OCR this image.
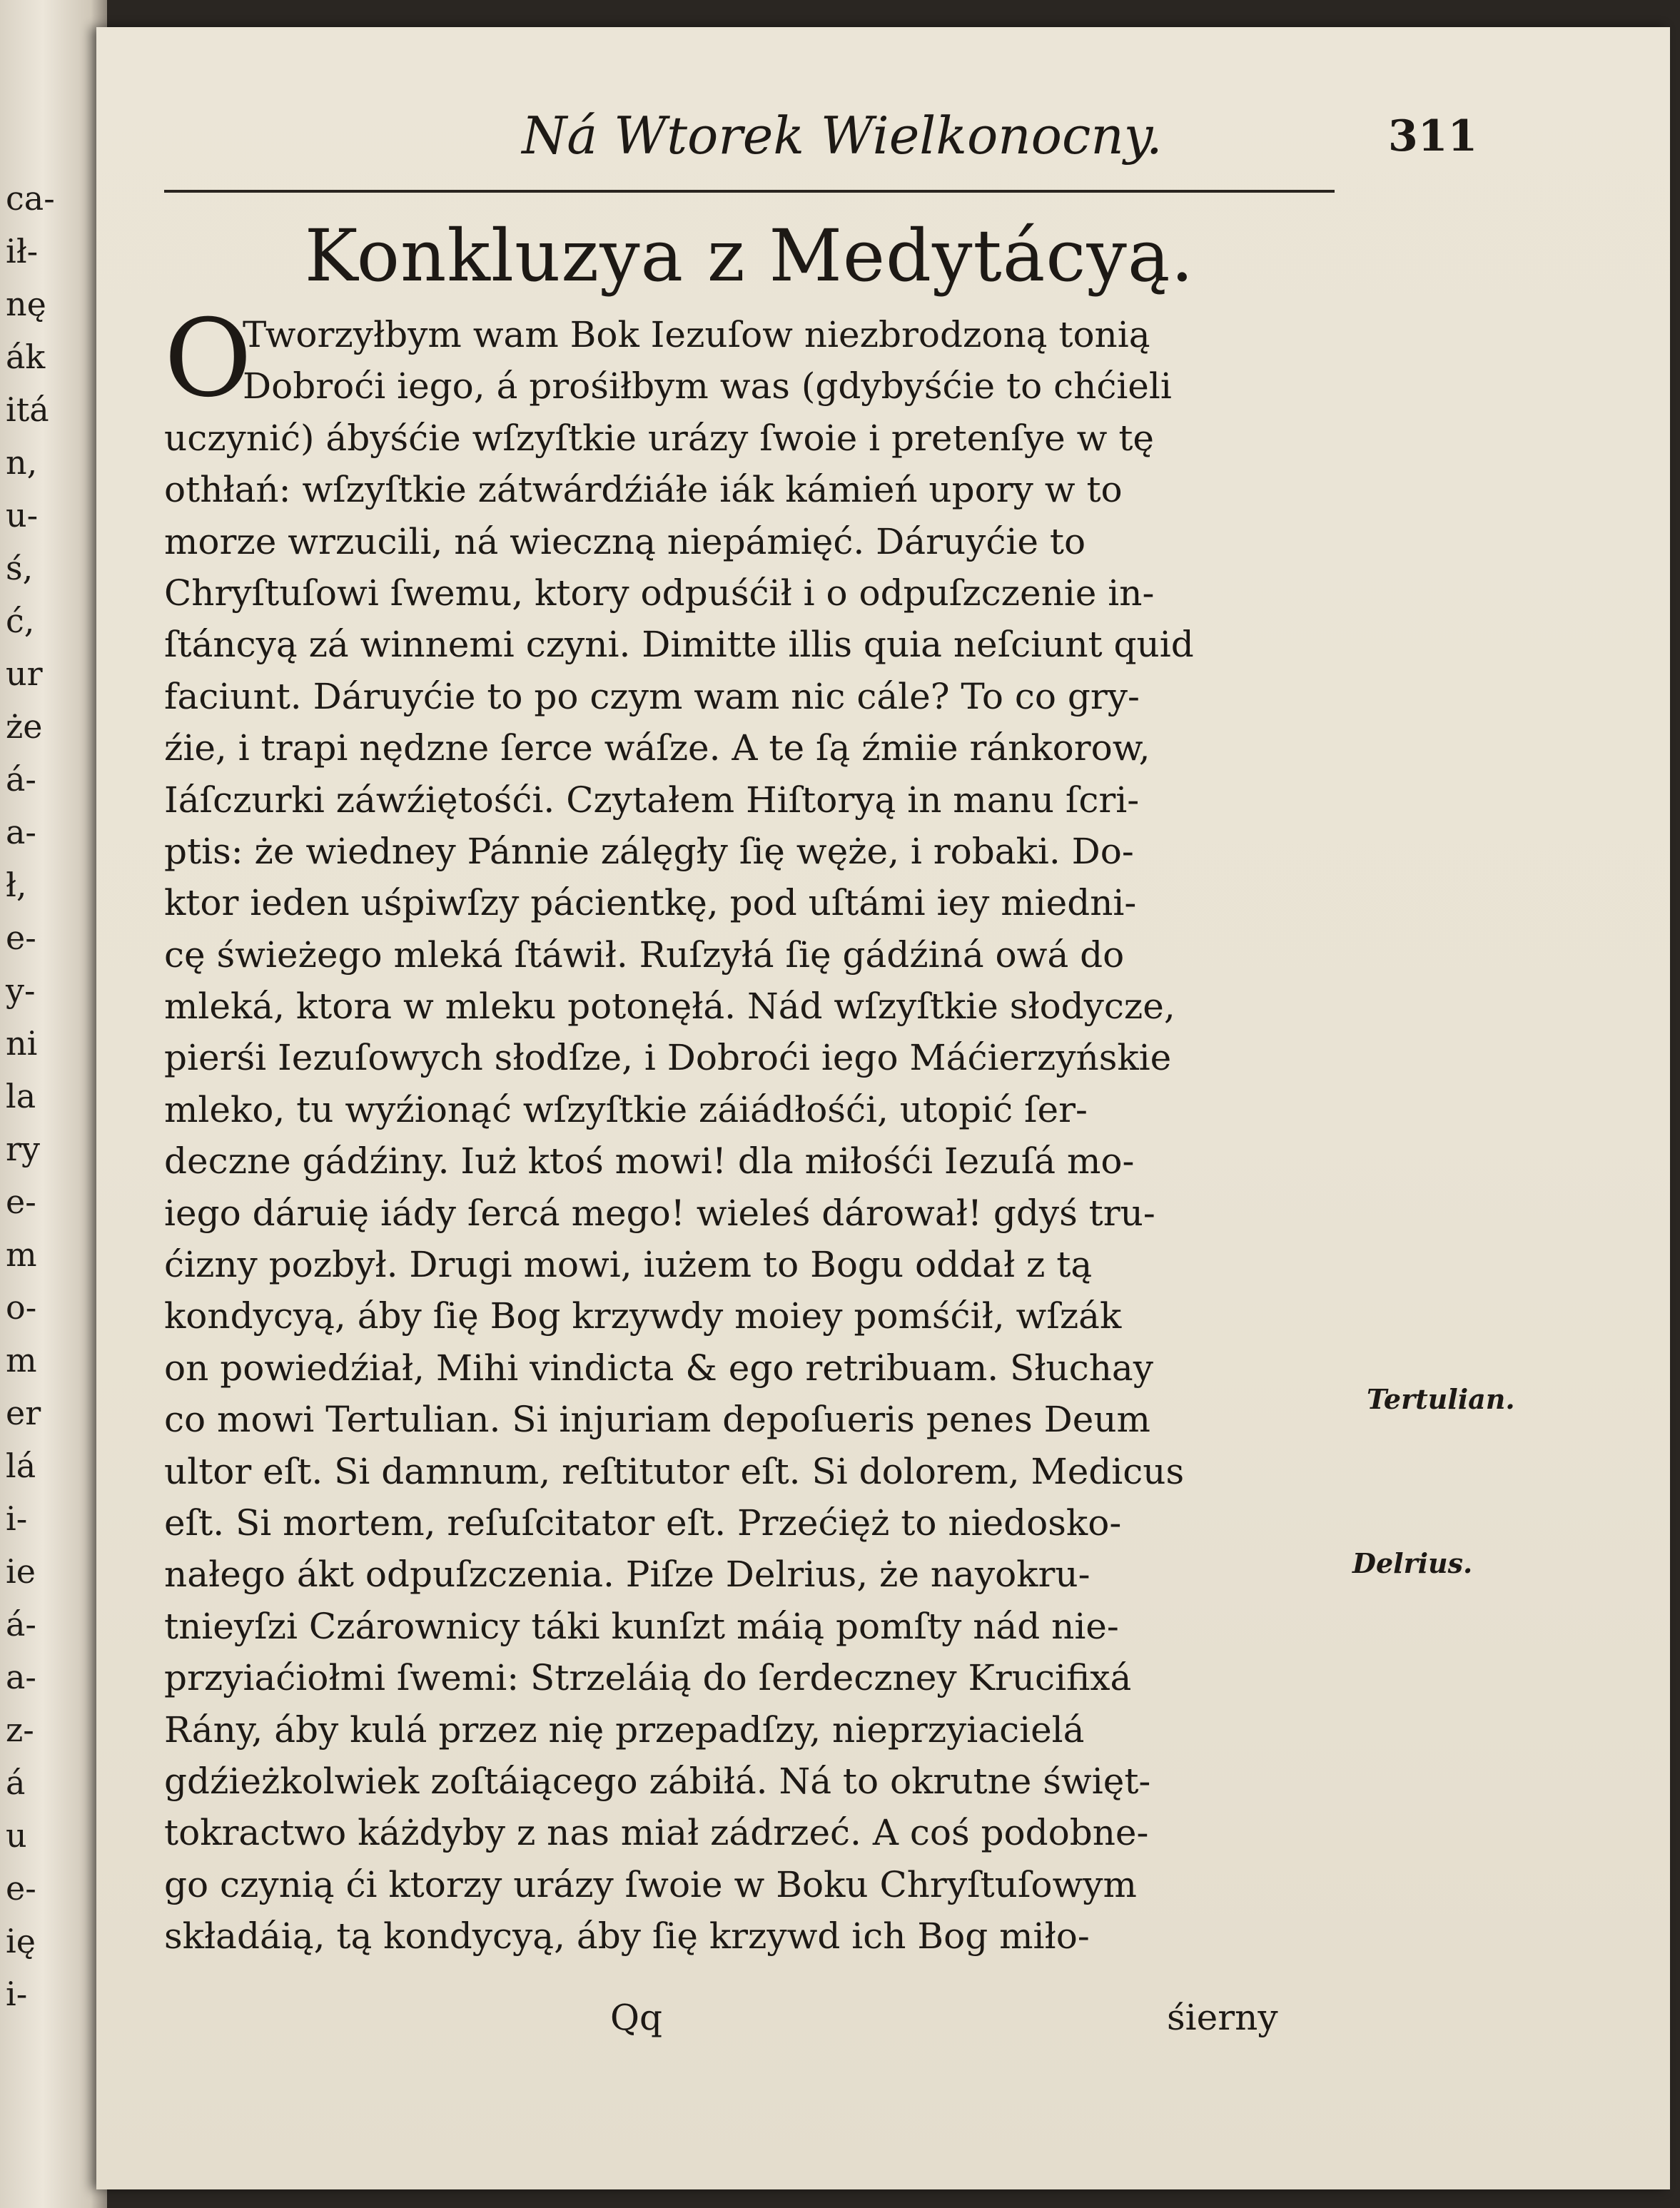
ca-
ił-
nę
ák
itá
n,
u-
ś,
ć,
ur
że
á-
a-
ł,
e-
y-
ni
la
ry
e-
m
o-
m
er
lá
i-
ie
á-
a-
z-
á
u
e-
ię
i-
Ná Wtorek Wielkonocny.	311
Konkluzya z Medytácyą.
O
Tworzyłbym wam Bok Iezuſow niezbrodzoną tonią
Dobroći iego, á prośiłbym was (gdybyśćie to chćieli
uczynić) ábyśćie wſzyſtkie urázy ſwoie i pretenſye w tę
othłań: wſzyſtkie zátwárdźiáłe iák kámień upory w to
morze wrzucili, ná wieczną niepámięć. Dáruyćie to
Chryſtuſowi ſwemu, ktory odpuśćił i o odpuſzczenie in-
ſtáncyą zá winnemi czyni. Dimitte illis quia neſciunt quid
faciunt. Dáruyćie to po czym wam nic cále? To co gry-
źie, i trapi nędzne ſerce wáſze. A te ſą źmiie ránkorow,
Iáſczurki záwźiętośći. Czytałem Hiſtoryą in manu ſcri-
ptis: że wiedney Pánnie zálęgły ſię węże, i robaki. Do-
ktor ieden uśpiwſzy pácientkę, pod uſtámi iey miedni-
cę świeżego mleká ſtáwił. Ruſzyłá ſię gádźiná owá do
mleká, ktora w mleku potonęłá. Nád wſzyſtkie słodycze,
pierśi Iezuſowych słodſze, i Dobroći iego Máćierzyńskie
mleko, tu wyźionąć wſzyſtkie záiádłośći, utopić ſer-
deczne gádźiny. Iuż ktoś mowi! dla miłośći Iezuſá mo-
iego dáruię iády ſercá mego! wieleś dárował! gdyś tru-
ćizny pozbył. Drugi mowi, iużem to Bogu oddał z tą
kondycyą, áby ſię Bog krzywdy moiey pomśćił, wſzák
on powiedźiał, Mihi vindicta & ego retribuam. Słuchay
co mowi Tertulian. Si injuriam depoſueris penes Deum
ultor eſt. Si damnum, reſtitutor eſt. Si dolorem, Medicus
eſt. Si mortem, reſuſcitator eſt. Przećięż to niedosko-
nałego ákt odpuſzczenia. Piſze Delrius, że nayokru-
tnieyſzi Czárownicy táki kunſzt máią pomſty nád nie-
przyiaćiołmi ſwemi: Strzeláią do ſerdeczney Krucifixá
Rány, áby kulá przez nię przepadſzy, nieprzyiacielá
gdźieżkolwiek zoſtáiącego zábiłá. Ná to okrutne święt-
tokractwo káżdyby z nas miał zádrzeć. A coś podobne-
go czynią ći ktorzy urázy ſwoie w Boku Chryſtuſowym
składáią, tą kondycyą, áby ſię krzywd ich Bog miło-
Tertulian.
Delrius.
Qq	śierny
